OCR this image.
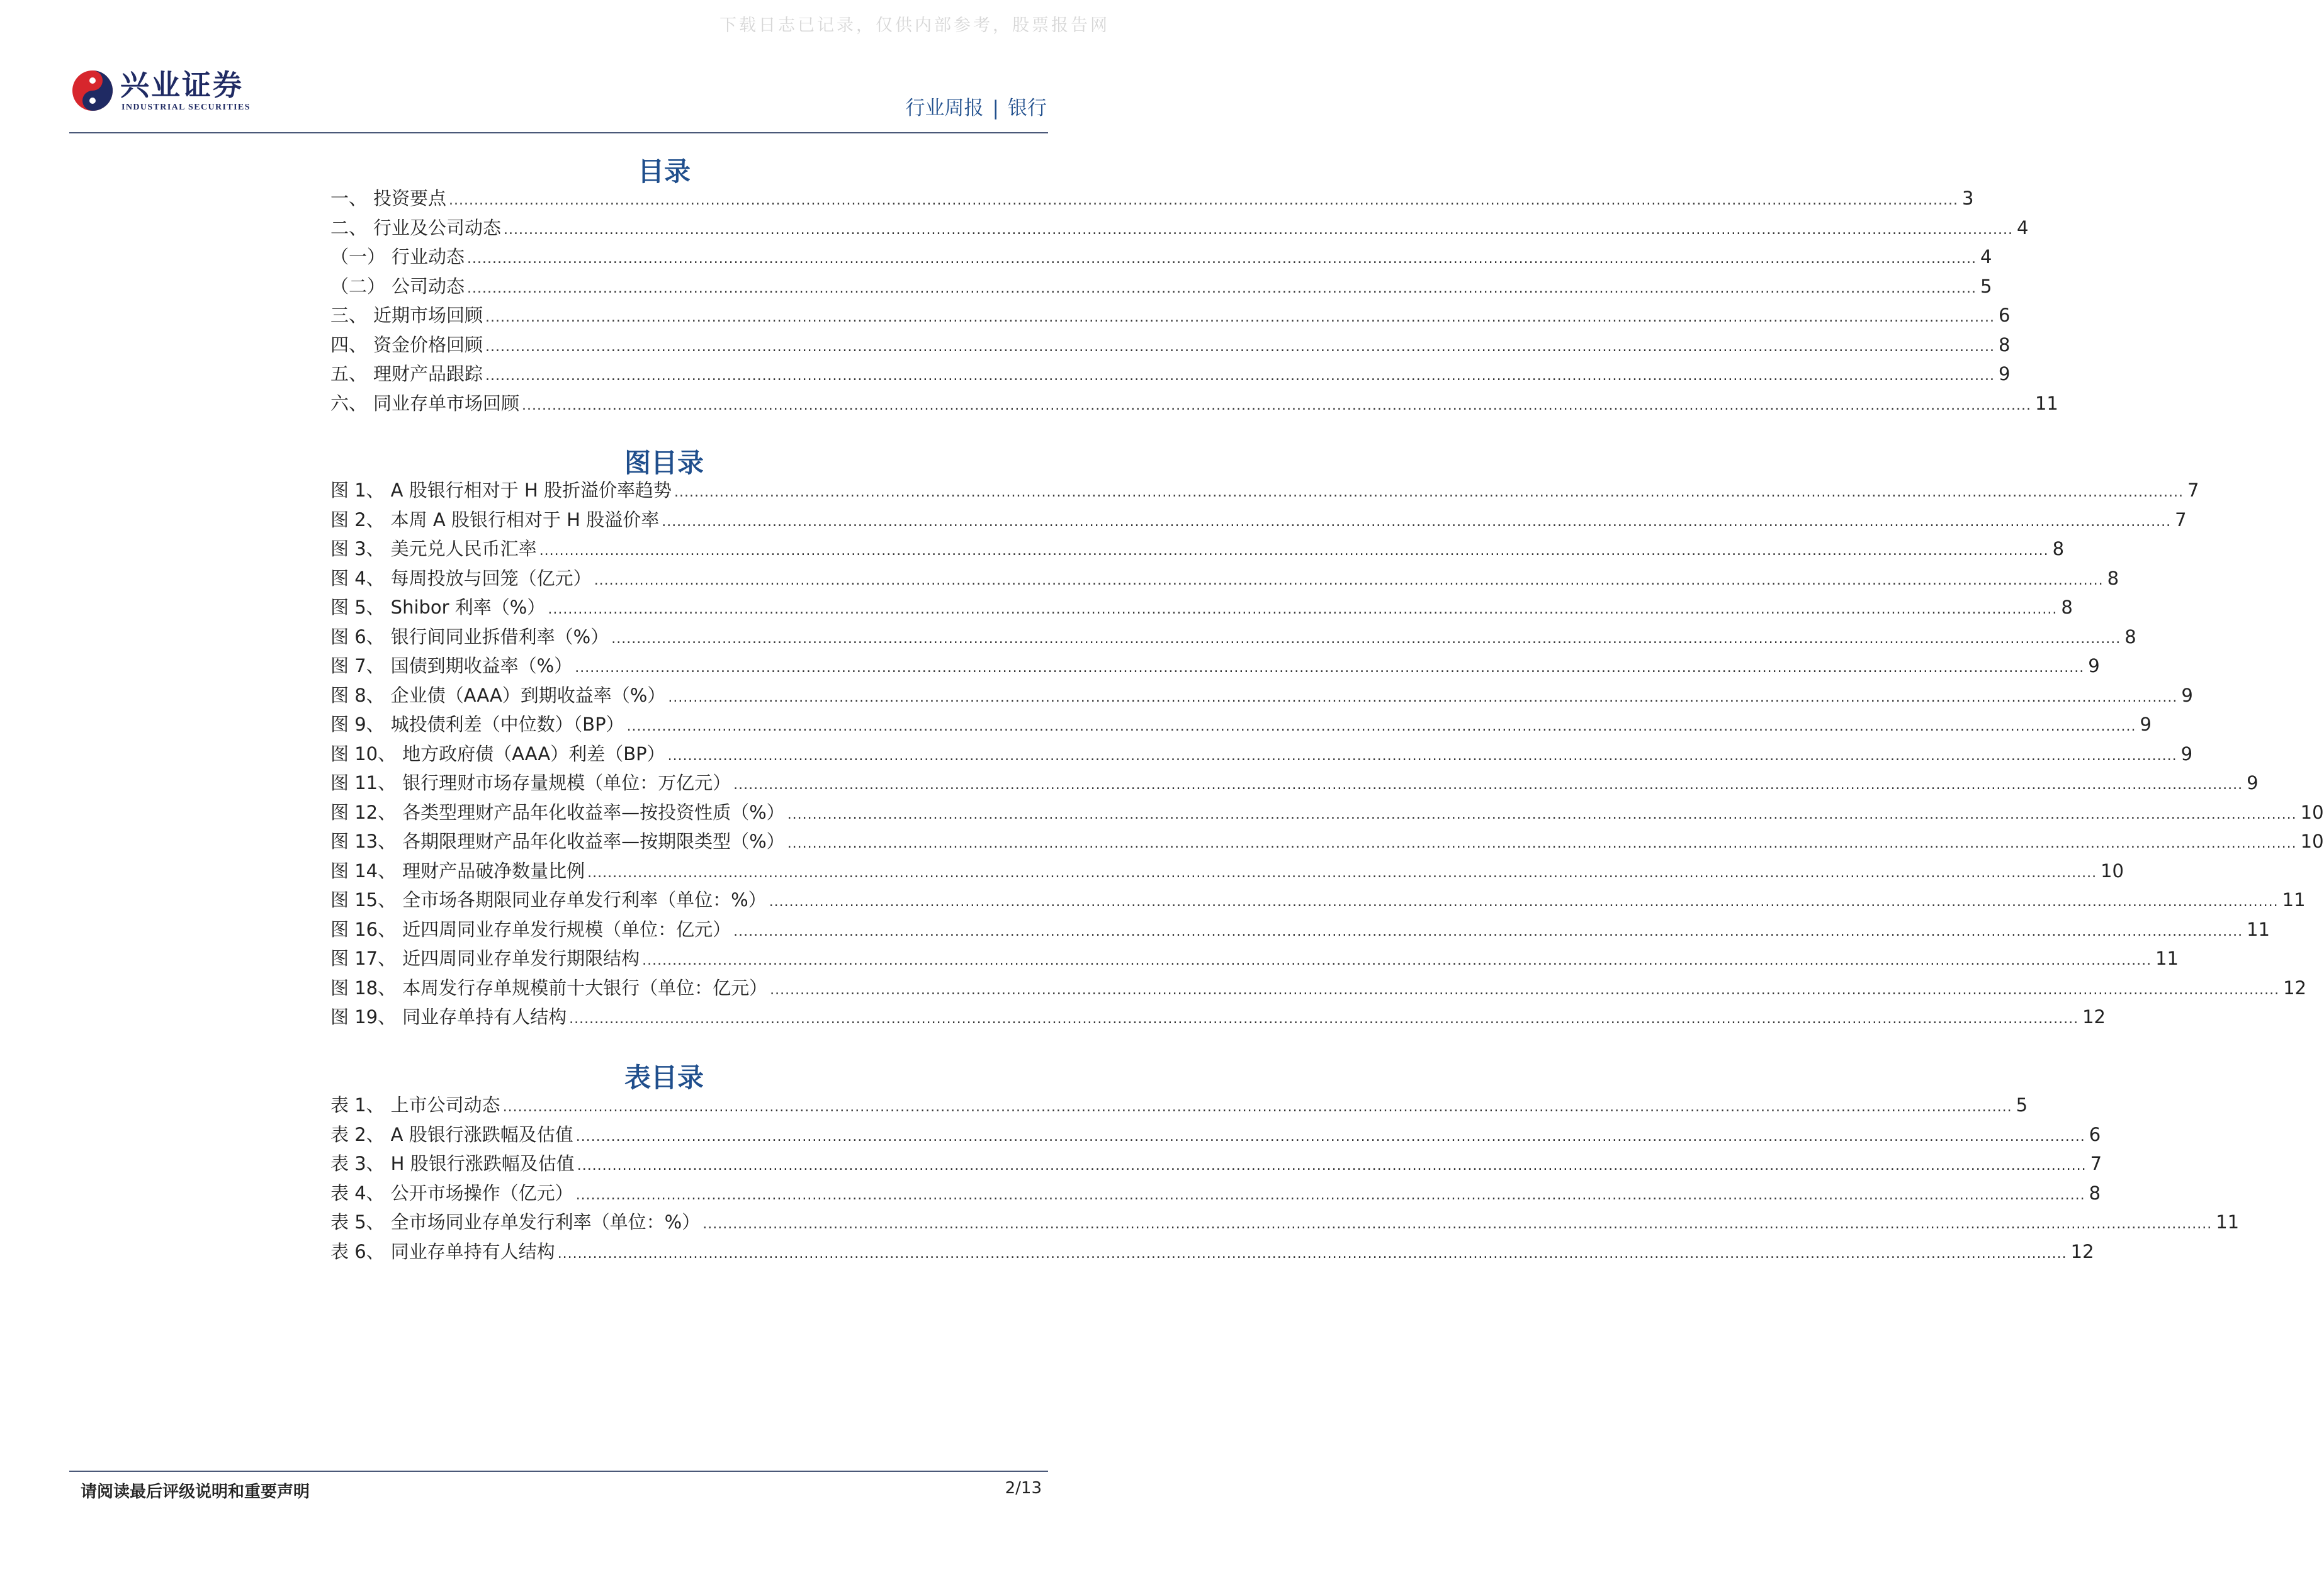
下载日志已记录，仅供内部参考，股票报告网
兴业证券
INDUSTRIAL SECURITIES	行业周报 | 银行
目录
一、 投资要点 ............................................................................................................................................................................................................................................................................................................ 3
二、 行业及公司动态 ............................................................................................................................................................................................................................................................................................................ 4
（一） 行业动态 ............................................................................................................................................................................................................................................................................................................ 4
（二） 公司动态 ............................................................................................................................................................................................................................................................................................................ 5
三、 近期市场回顾 ............................................................................................................................................................................................................................................................................................................ 6
四、 资金价格回顾 ............................................................................................................................................................................................................................................................................................................ 8
五、 理财产品跟踪 ............................................................................................................................................................................................................................................................................................................ 9
六、 同业存单市场回顾 ............................................................................................................................................................................................................................................................................................................ 11
图目录
图 1、 A 股银行相对于 H 股折溢价率趋势 ............................................................................................................................................................................................................................................................................................................ 7
图 2、 本周 A 股银行相对于 H 股溢价率 ............................................................................................................................................................................................................................................................................................................ 7
图 3、 美元兑人民币汇率 ............................................................................................................................................................................................................................................................................................................ 8
图 4、 每周投放与回笼（亿元） ............................................................................................................................................................................................................................................................................................................ 8
图 5、 Shibor 利率（%） ............................................................................................................................................................................................................................................................................................................ 8
图 6、 银行间同业拆借利率（%） ............................................................................................................................................................................................................................................................................................................ 8
图 7、 国债到期收益率（%） ............................................................................................................................................................................................................................................................................................................ 9
图 8、 企业债（AAA）到期收益率（%） ............................................................................................................................................................................................................................................................................................................ 9
图 9、 城投债利差（中位数）（BP） ............................................................................................................................................................................................................................................................................................................ 9
图 10、 地方政府债（AAA）利差（BP） ............................................................................................................................................................................................................................................................................................................ 9
图 11、 银行理财市场存量规模（单位：万亿元） ............................................................................................................................................................................................................................................................................................................ 9
图 12、 各类型理财产品年化收益率—按投资性质（%） ............................................................................................................................................................................................................................................................................................................ 10
图 13、 各期限理财产品年化收益率—按期限类型（%） ............................................................................................................................................................................................................................................................................................................ 10
图 14、 理财产品破净数量比例 ............................................................................................................................................................................................................................................................................................................ 10
图 15、 全市场各期限同业存单发行利率（单位：%） ............................................................................................................................................................................................................................................................................................................ 11
图 16、 近四周同业存单发行规模（单位：亿元） ............................................................................................................................................................................................................................................................................................................ 11
图 17、 近四周同业存单发行期限结构 ............................................................................................................................................................................................................................................................................................................ 11
图 18、 本周发行存单规模前十大银行（单位：亿元） ............................................................................................................................................................................................................................................................................................................ 12
图 19、 同业存单持有人结构 ............................................................................................................................................................................................................................................................................................................ 12
表目录
表 1、 上市公司动态 ............................................................................................................................................................................................................................................................................................................ 5
表 2、 A 股银行涨跌幅及估值 ............................................................................................................................................................................................................................................................................................................ 6
表 3、 H 股银行涨跌幅及估值 ............................................................................................................................................................................................................................................................................................................ 7
表 4、 公开市场操作（亿元） ............................................................................................................................................................................................................................................................................................................ 8
表 5、 全市场同业存单发行利率（单位：%） ............................................................................................................................................................................................................................................................................................................ 11
表 6、 同业存单持有人结构 ............................................................................................................................................................................................................................................................................................................ 12
请阅读最后评级说明和重要声明	2/13
